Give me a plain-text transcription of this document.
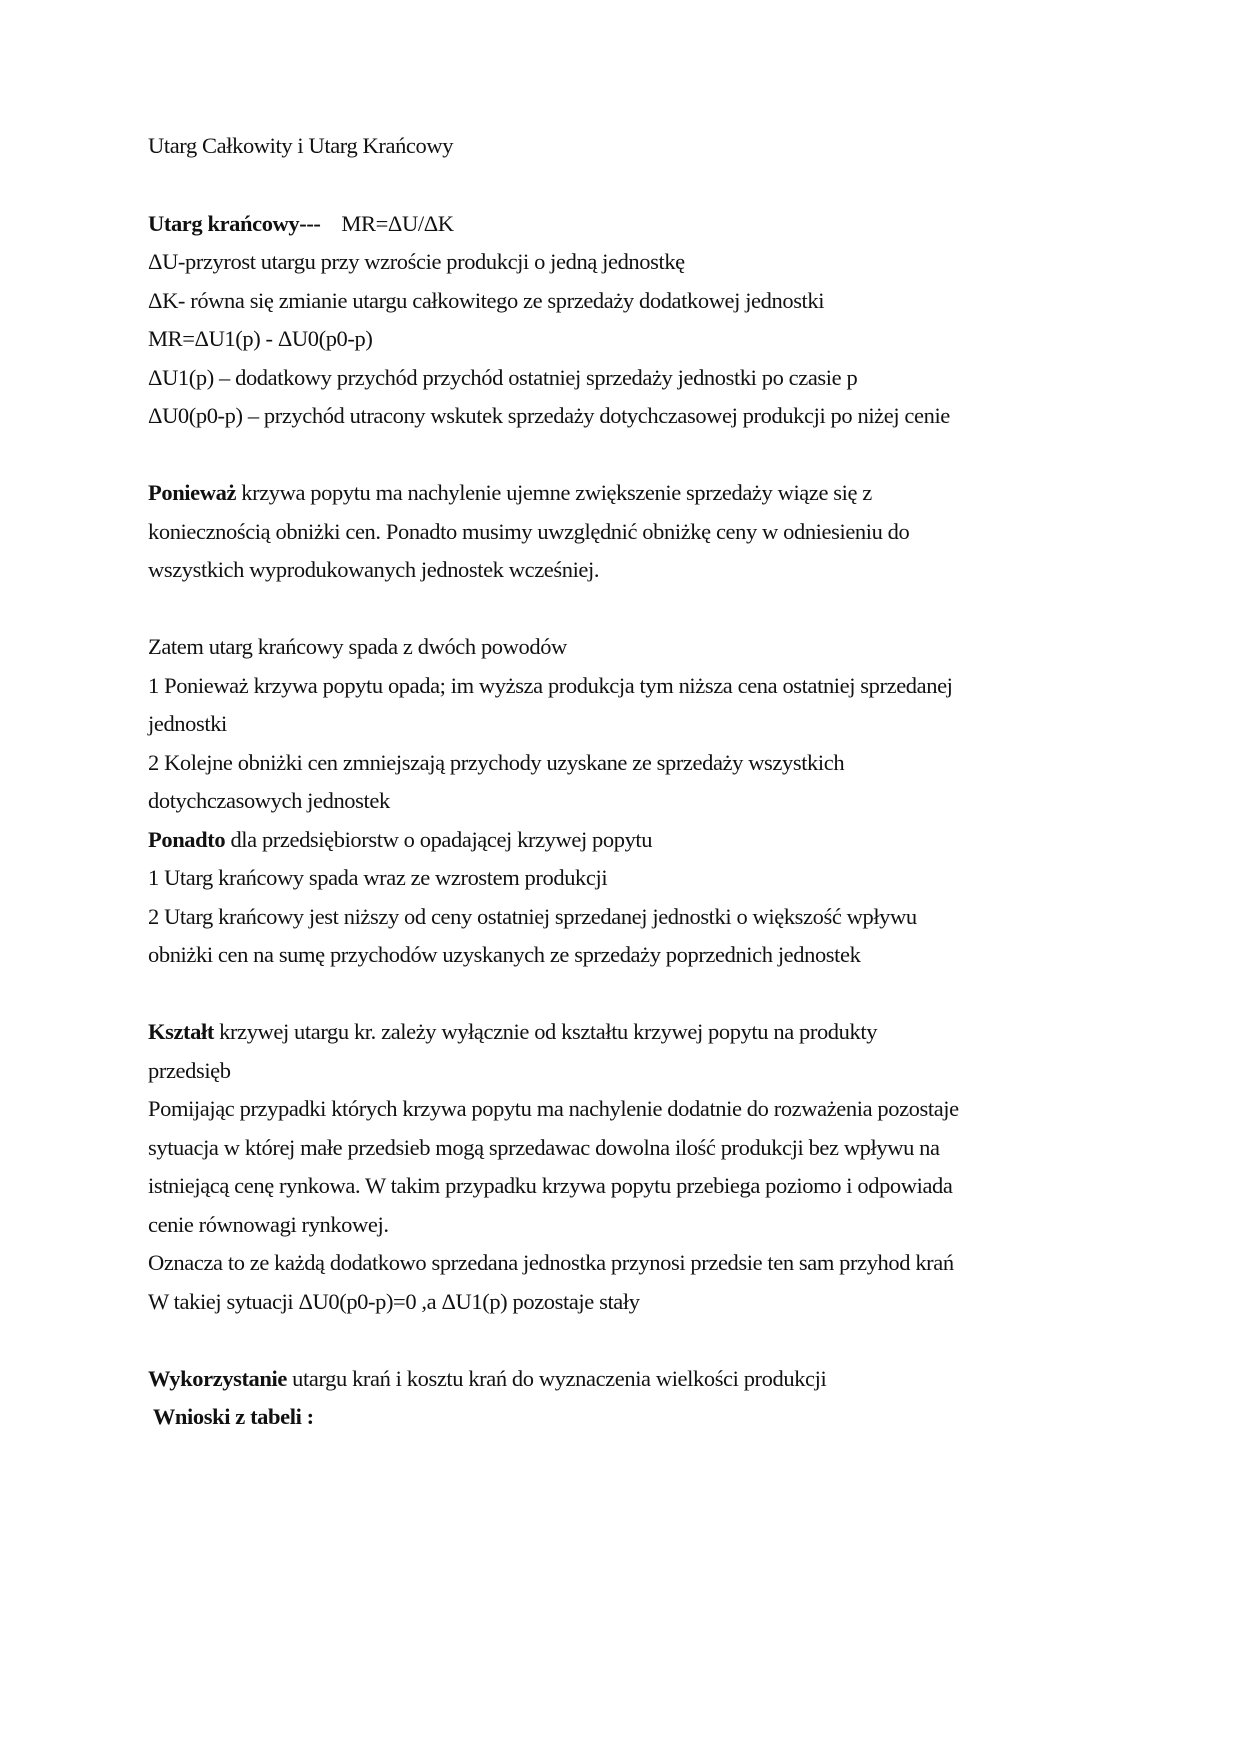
Utarg Całkowity i Utarg Krańcowy
Utarg krańcowy---    MR=ΔU/ΔK
ΔU-przyrost utargu przy wzroście produkcji o jedną jednostkę
ΔK- równa się zmianie utargu całkowitego ze sprzedaży dodatkowej jednostki
MR=ΔU1(p) - ΔU0(p0-p)
ΔU1(p) – dodatkowy przychód przychód ostatniej sprzedaży jednostki po czasie p
ΔU0(p0-p) – przychód utracony wskutek sprzedaży dotychczasowej produkcji po niżej cenie
Ponieważ krzywa popytu ma nachylenie ujemne zwiększenie sprzedaży wiąze się z
koniecznością obniżki cen. Ponadto musimy uwzględnić obniżkę ceny w odniesieniu do
wszystkich wyprodukowanych jednostek wcześniej.
Zatem utarg krańcowy spada z dwóch powodów
1 Ponieważ krzywa popytu opada; im wyższa produkcja tym niższa cena ostatniej sprzedanej
jednostki
2 Kolejne obniżki cen zmniejszają przychody uzyskane ze sprzedaży wszystkich
dotychczasowych jednostek
Ponadto dla przedsiębiorstw o opadającej krzywej popytu
1 Utarg krańcowy spada wraz ze wzrostem produkcji
2 Utarg krańcowy jest niższy od ceny ostatniej sprzedanej jednostki o większość wpływu
obniżki cen na sumę przychodów uzyskanych ze sprzedaży poprzednich jednostek
Kształt krzywej utargu kr. zależy wyłącznie od kształtu krzywej popytu na produkty
przedsięb
Pomijając przypadki których krzywa popytu ma nachylenie dodatnie do rozważenia pozostaje
sytuacja w której małe przedsieb mogą sprzedawac dowolna ilość produkcji bez wpływu na
istniejącą cenę rynkowa. W takim przypadku krzywa popytu przebiega poziomo i odpowiada
cenie równowagi rynkowej.
Oznacza to ze każdą dodatkowo sprzedana jednostka przynosi przedsie ten sam przyhod krań
W takiej sytuacji ΔU0(p0-p)=0 ,a ΔU1(p) pozostaje stały
Wykorzystanie utargu krań i kosztu krań do wyznaczenia wielkości produkcji
Wnioski z tabeli :
